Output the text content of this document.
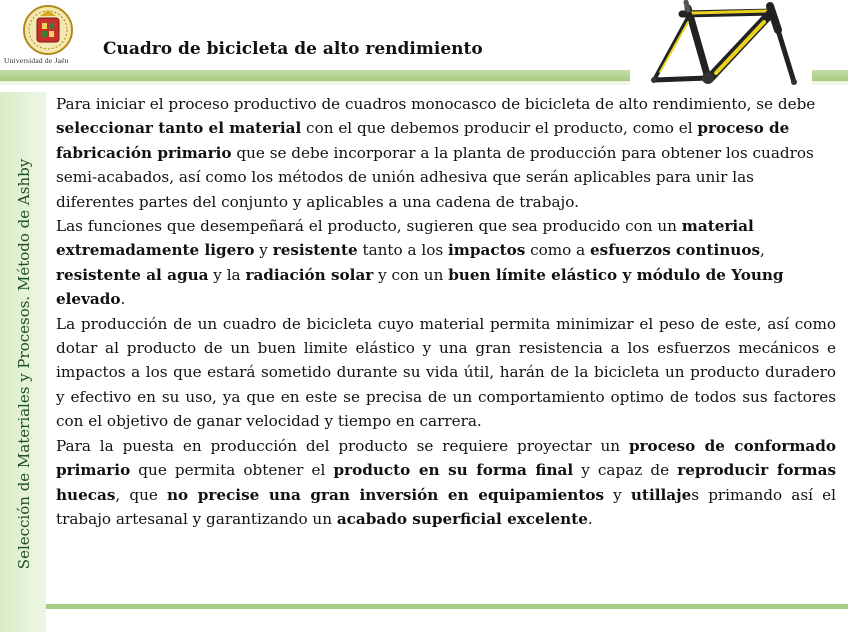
Universidad de Jaén
Cuadro de bicicleta de alto rendimiento
Selección de Materiales y Procesos. Método de Ashby

Para iniciar el proceso productivo de cuadros monocasco de bicicleta de alto rendimiento, se debe seleccionar tanto el material con el que debemos producir el producto, como el proceso de fabricación primario que se debe incorporar a la planta de producción para obtener los cuadros semi-acabados, así como los métodos de unión adhesiva que serán aplicables para unir las diferentes partes del conjunto y aplicables a una cadena de trabajo.

Las funciones que desempeñará el producto, sugieren que sea producido con un material extremadamente ligero y resistente tanto a los impactos como a esfuerzos continuos, resistente al agua y la radiación solar y con un buen límite elástico y módulo de Young elevado.

La producción de un cuadro de bicicleta cuyo material permita minimizar el peso de este, así como dotar al producto de un buen limite elástico y una gran resistencia a los esfuerzos mecánicos e impactos a los que estará sometido durante su vida útil, harán de la bicicleta un producto duradero y efectivo en su uso, ya que en este se precisa de un comportamiento optimo de todos sus factores con el objetivo de ganar velocidad y tiempo en carrera.

Para la puesta en producción del producto se requiere proyectar un proceso de conformado primario que permita obtener el producto en su forma final y capaz de reproducir formas huecas, que no precise una gran inversión en equipamientos y utillajes primando así el trabajo artesanal y garantizando un acabado superficial excelente.
